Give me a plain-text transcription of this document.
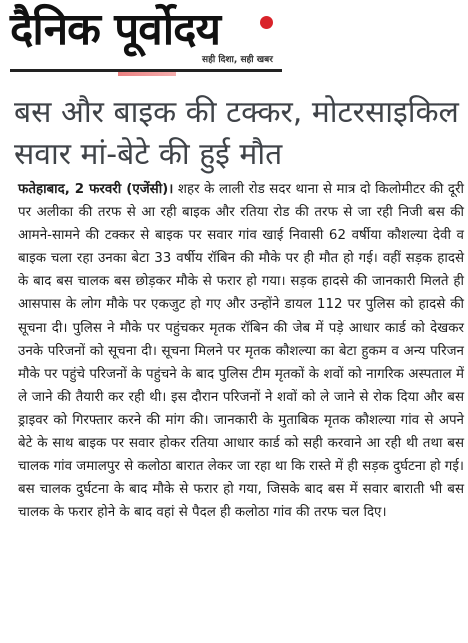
दैनिक पूर्वोदय
सही दिशा, सही खबर
बस और बाइक की टक्कर, मोटरसाइकिल
सवार मां-बेटे की हुई मौत
फतेहाबाद, 2 फरवरी (एजेंसी)। शहर के लाली रोड सदर थाना से मात्र दो किलोमीटर की दूरी पर अलीका की तरफ से आ रही बाइक और रतिया रोड की तरफ से जा रही निजी बस की आमने-सामने की टक्कर से बाइक पर सवार गांव खाई निवासी 62 वर्षीया कौशल्या देवी व बाइक चला रहा उनका बेटा 33 वर्षीय रॉबिन की मौके पर ही मौत हो गई। वहीं सड़क हादसे के बाद बस चालक बस छोड़कर मौके से फरार हो गया। सड़क हादसे की जानकारी मिलते ही आसपास के लोग मौके पर एकजुट हो गए और उन्होंने डायल 112 पर पुलिस को हादसे की सूचना दी। पुलिस ने मौके पर पहुंचकर मृतक रॉबिन की जेब में पड़े आधार कार्ड को देखकर उनके परिजनों को सूचना दी। सूचना मिलने पर मृतक कौशल्या का बेटा हुकम व अन्य परिजन मौके पर पहुंचे परिजनों के पहुंचने के बाद पुलिस टीम मृतकों के शवों को नागरिक अस्पताल में ले जाने की तैयारी कर रही थी। इस दौरान परिजनों ने शवों को ले जाने से रोक दिया और बस ड्राइवर को गिरफ्तार करने की मांग की। जानकारी के मुताबिक मृतक कौशल्या गांव से अपने बेटे के साथ बाइक पर सवार होकर रतिया आधार कार्ड को सही करवाने आ रही थी तथा बस चालक गांव जमालपुर से कलोठा बारात लेकर जा रहा था कि रास्ते में ही सड़क दुर्घटना हो गई। बस चालक दुर्घटना के बाद मौके से फरार हो गया, जिसके बाद बस में सवार बाराती भी बस चालक के फरार होने के बाद वहां से पैदल ही कलोठा गांव की तरफ चल दिए।
